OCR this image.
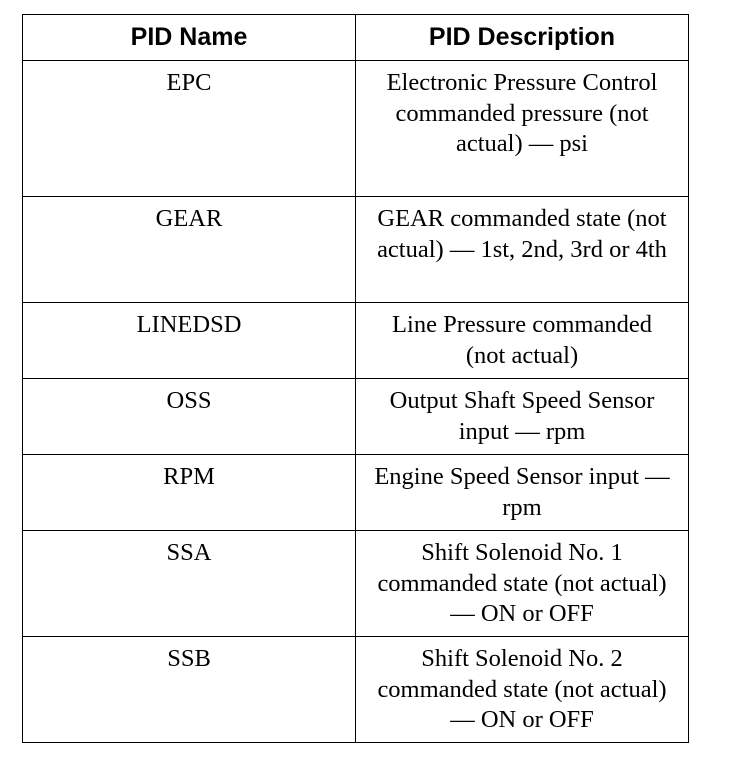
PID Name	PID Description
EPC	Electronic Pressure Control commanded pressure (not actual) — psi
GEAR	GEAR commanded state (not actual) — 1st, 2nd, 3rd or 4th
LINEDSD	Line Pressure commanded (not actual)
OSS	Output Shaft Speed Sensor input — rpm
RPM	Engine Speed Sensor input — rpm
SSA	Shift Solenoid No. 1 commanded state (not actual) — ON or OFF
SSB	Shift Solenoid No. 2 commanded state (not actual) — ON or OFF
